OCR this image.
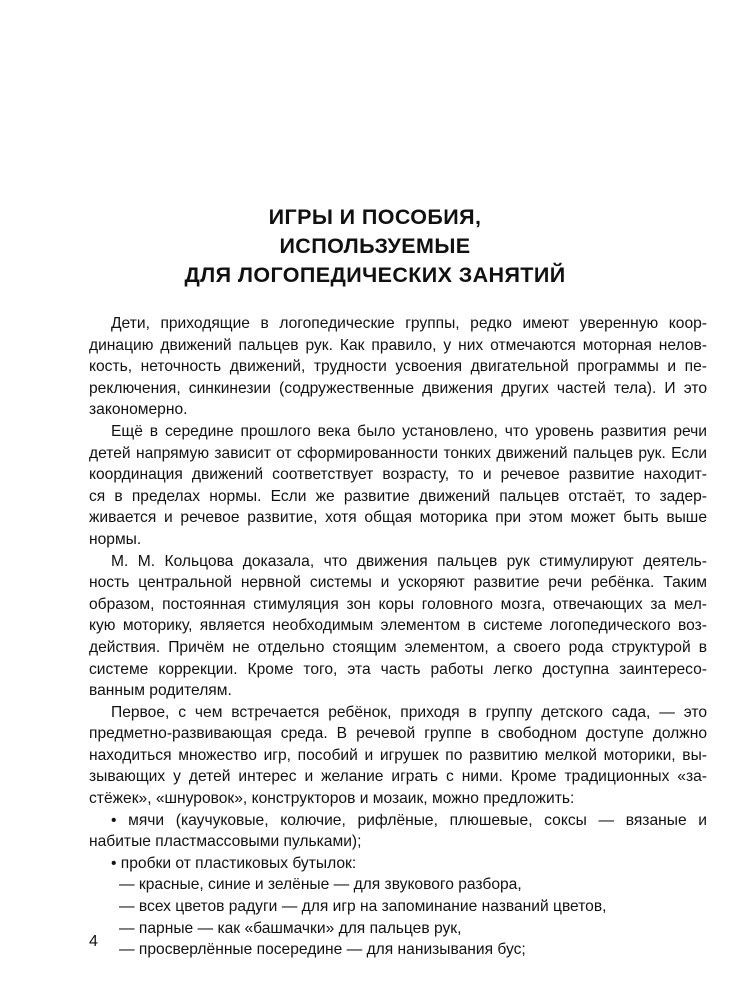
ИГРЫ И ПОСОБИЯ,
ИСПОЛЬЗУЕМЫЕ
ДЛЯ ЛОГОПЕДИЧЕСКИХ ЗАНЯТИЙ
Дети, приходящие в логопедические группы, редко имеют уверенную коор-
динацию движений пальцев рук. Как правило, у них отмечаются моторная нелов-
кость, неточность движений, трудности усвоения двигательной программы и пе-
реключения, синкинезии (содружественные движения других частей тела). И это
закономерно.
Ещё в середине прошлого века было установлено, что уровень развития речи
детей напрямую зависит от сформированности тонких движений пальцев рук. Если
координация движений соответствует возрасту, то и речевое развитие находит-
ся в пределах нормы. Если же развитие движений пальцев отстаёт, то задер-
живается и речевое развитие, хотя общая моторика при этом может быть выше
нормы.
М. М. Кольцова доказала, что движения пальцев рук стимулируют деятель-
ность центральной нервной системы и ускоряют развитие речи ребёнка. Таким
образом, постоянная стимуляция зон коры головного мозга, отвечающих за мел-
кую моторику, является необходимым элементом в системе логопедического воз-
действия. Причём не отдельно стоящим элементом, а своего рода структурой в
системе коррекции. Кроме того, эта часть работы легко доступна заинтересо-
ванным родителям.
Первое, с чем встречается ребёнок, приходя в группу детского сада, — это
предметно-развивающая среда. В речевой группе в свободном доступе должно
находиться множество игр, пособий и игрушек по развитию мелкой моторики, вы-
зывающих у детей интерес и желание играть с ними. Кроме традиционных «за-
стёжек», «шнуровок», конструкторов и мозаик, можно предложить:
• мячи (каучуковые, колючие, рифлёные, плюшевые, соксы — вязаные и
набитые пластмассовыми пульками);
• пробки от пластиковых бутылок:
— красные, синие и зелёные — для звукового разбора,
— всех цветов радуги — для игр на запоминание названий цветов,
— парные — как «башмачки» для пальцев рук,
— просверлённые посередине — для нанизывания бус;
4
